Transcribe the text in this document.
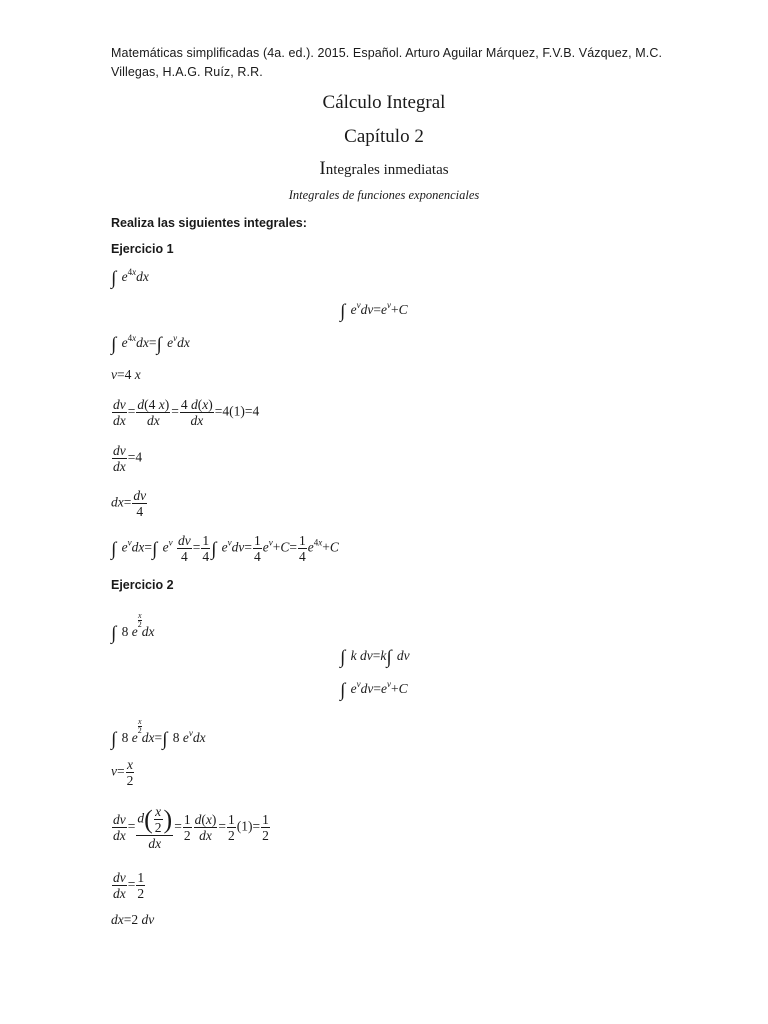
Matemáticas simplificadas (4a. ed.). 2015. Español. Arturo Aguilar Márquez, F.V.B. Vázquez, M.C. Villegas, H.A.G. Ruíz, R.R.
Cálculo Integral
Capítulo 2
Integrales inmediatas
Integrales de funciones exponenciales
Realiza las siguientes integrales:
Ejercicio 1
∫ $e^{4x}dx$
∫ $e^vdv=e^v+C$
∫ $e^{4x}dx=\int$ $e^vdx$
v=4 x
$\frac{dv}{dx} = \frac{d(4 x)}{dx} = \frac{4 d(x)}{dx} =4(1)=4$
$\frac{dv}{dx} =4$
$dx= \frac{dv}{4}$
∫ $e^vdx=\int$ $e^v \frac{dv}{4} = \frac{1}{4}$ ∫ $e^vdv= \frac{1}{4} e^v+C= \frac{1}{4} e^{4x}+C$
Ejercicio 2
∫ 8 e
$^{\frac{x}{2}}$
dx
∫ k dv=k∫ dv
∫ $e^vdv=e^v+C$
∫ 8 e
$^{\frac{x}{2}}$
dx=∫ 8 $e^vdx$
$v= \frac{x}{2}$
$\frac{dv}{dx} = \frac{d( \frac{x}{2} )}{dx} = \frac{1}{2} \frac{d(x)}{dx} = \frac{1}{2} (1)= \frac{1}{2}$
$\frac{dv}{dx} = \frac{1}{2}$
dx=2 dv
